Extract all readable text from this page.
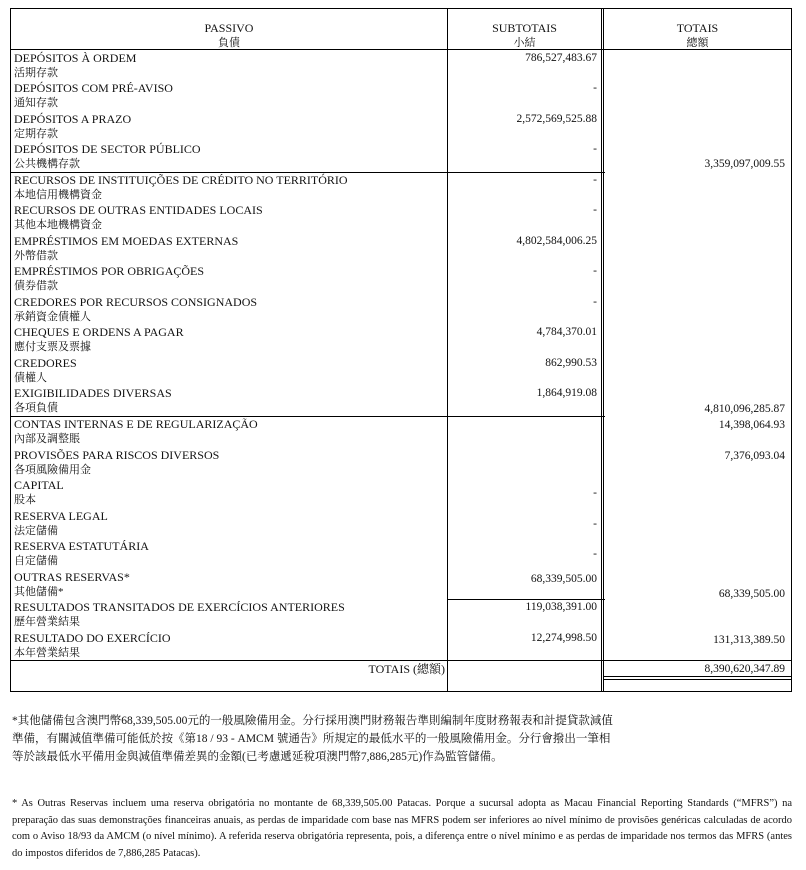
PASSIVO
負債
SUBTOTAIS
小結
TOTAIS
總額
DEPÓSITOS À ORDEM
活期存款
786,527,483.67
DEPÓSITOS COM PRÉ-AVISO
通知存款
-
DEPÓSITOS A PRAZO
定期存款
2,572,569,525.88
DEPÓSITOS DE SECTOR PÚBLICO
公共機構存款
-
RECURSOS DE INSTITUIÇÕES DE CRÉDITO NO TERRITÓRIO
本地信用機構資金
-
RECURSOS DE OUTRAS ENTIDADES LOCAIS
其他本地機構資金
-
EMPRÉSTIMOS EM MOEDAS EXTERNAS
外幣借款
4,802,584,006.25
EMPRÉSTIMOS POR OBRIGAÇÕES
債券借款
-
CREDORES POR RECURSOS CONSIGNADOS
承銷資金債權人
-
CHEQUES E ORDENS A PAGAR
應付支票及票據
4,784,370.01
CREDORES
債權人
862,990.53
EXIGIBILIDADES DIVERSAS
各項負債
1,864,919.08
CONTAS INTERNAS E DE REGULARIZAÇÃO
內部及調整賬
PROVISÕES PARA RISCOS DIVERSOS
各項風險備用金
CAPITAL
股本
-
RESERVA LEGAL
法定儲備
-
RESERVA ESTATUTÁRIA
自定儲備
-
OUTRAS RESERVAS*
其他儲備*
68,339,505.00
RESULTADOS TRANSITADOS DE EXERCÍCIOS ANTERIORES
歷年營業結果
119,038,391.00
RESULTADO DO EXERCÍCIO
本年營業結果
12,274,998.50
3,359,097,009.55
4,810,096,285.87
14,398,064.93
7,376,093.04
68,339,505.00
131,313,389.50
TOTAIS (總額)	8,390,620,347.89
*其他儲備包含澳門幣68,339,505.00元的一般風險備用金。分行採用澳門財務報告準則編制年度財務報表和計提貸款減值
準備，有關減值準備可能低於按《第18 / 93 - AMCM 號通告》所規定的最低水平的一般風險備用金。分行會撥出一筆相
等於該最低水平備用金與減值準備差異的金額(已考慮遞延稅項澳門幣7,886,285元)作為監管儲備。
* As Outras Reservas incluem uma reserva obrigatória no montante de 68,339,505.00 Patacas. Porque a sucursal adopta as Macau Financial Reporting Standards (“MFRS”) na preparação das suas demonstrações financeiras anuais, as perdas de imparidade com base nas MFRS podem ser inferiores ao nível mínimo de provisões genéricas calculadas de acordo com o Aviso 18/93 da AMCM (o nível mínimo). A referida reserva obrigatória representa, pois, a diferença entre o nível mínimo e as perdas de imparidade nos termos das MFRS (antes do impostos diferidos de 7,886,285 Patacas).
